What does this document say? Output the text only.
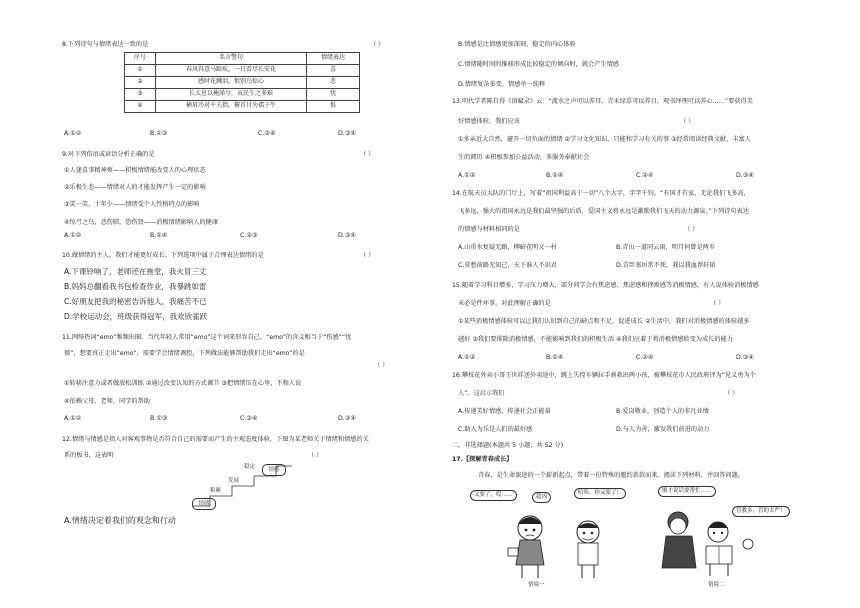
8.下列诗句与情绪表达一致的是	（ ）
序号	名言警句	情绪表达
①	春风得意马蹄疾，一日看尽长安花	喜
②	感时花溅泪，恨别鸟惊心	悲
③	长太息以掩涕兮，哀民生之多艰	忧
④	横眉冷对千夫指，俯首甘为孺子牛	惧
A.①②	B.①③	C.③④	D.③④
9.对下列俗语或谚语分析正确的是	（ ）
①人逢喜事精神爽——积极情绪能改变人的心理状态
②乐极生悲——情绪对人的才能发挥产生一定的影响
③笑一笑，十年少——情绪受个人性格特点的影响
④惊弓之鸟，悲伤肺，恐伤肾——消极情绪影响人的健康
A.①②	B.①④	C.②③	D.③④
10.做情绪的主人，我们才能更好成长。下列选项中属于合理表达情绪的是	（ ）
A.下课铃响了，老师还在拖堂，我火冒三丈
B.妈妈总翻看我书包检查作业，我暴跳如雷
C.好朋友把我的秘密告诉他人，我痛苦不已
D.学校运动会，班级获得冠军，我欢欣雀跃
11.网络热词“emo”频频出圈。当代年轻人常用“emo”这个词来形容自己，“emo”的含义相当于“伤感”“忧
郁”，想要真正走出“emo”，需要学会情绪调控，下列做法能够帮助我们走出“emo”的是
（ ）
①转移注意力或者做放松训练 ②通过改变认知的方式调节 ③把情绪压在心里，不和人说
④依赖父母、老师、同学的帮助
A.①②	B.①③	C.③④	D.③④
12.情绪与情感是指人对客观事物是否符合自己的需要而产生的主观态度体验，下图为某老师关于情绪和情感的关
系的板书，这表明	（ ）
情绪
积累
发展
稳定	情感
A.情绪决定着我们的观念和行动
B.情感是比情感更加深刻、稳定的内心体验
C.情绪随时间的推移形成比较稳定的倾向时，就会产生情感
D.情绪复杂多变，情感单一纯粹
13.明代学者陈自得《溶窳录》云：“流水之声可以养耳，青禾绿草可以养目，观书绎理可以养心……”要获得美
好情感体验，我们应该	（ ）
①多亲近大自然，避开一切负面的情绪 ②学习文化知识，只能和学习有关的事 ③经常阅读经典文献，丰富人
生的阅历 ④积极参加公益活动，多服务奉献社会
A.①②	B.①④	C.②④	D.③④
14.在航天员大队的门厅上，写着“祖国利益高于一切”八个大字，字字千钧。“有国才有家，无论我们飞多高，
飞多远，强大的祖国永远是我们最坚强的后盾，爱国主义将永远是激励我们飞天的动力源泉。”下列诗句表达
的情感与材料相同的是	（ ）
A.山重水复疑无路，柳暗花明又一村	B.青山一道同云雨，明月何曾是两乡
C.莫愁前路无知己，天下谁人不识君	D.青臣塞垣常不死，我以我血荐轩辕
15.随着学习科目增多，学习压力增大，部分同学会有焦虑感、焦虑感和挫败感等消极情感，有人说体验消极情感
未必是件坏事。对此理解正确的是	（ ）
①某些消极情感体验可以让我们认识到自己的缺点和不足，促进成长 ②生活中，我们对消极情感的体验越多
越好 ③我们要排除消极情感，不能影响到我们的积极生活 ④我们应着于将消极情感转变为成长的能力
A.①②	B.①④	C.②④	D.③④
16.攀枝花外卖小哥王世祥送外卖途中，跳上失控车辆拉手刹救出两小孩，被攀枝花市人民政府评为“见义勇为个
人”。这启示我们	（ ）
A.传递美好情感，传递社会正能量	B.爱岗敬业，创造个人的非凡业绩
C.助人为乐是人们的最好感	D.与人为善，激发我们前进的动力
二、非选择题(本题共 5 小题，共 52 分)
17.【探解青春成长】
青春，是生命旅途的一个崭新起点，带着一份特殊的邀约款款而来。阅读下列材料，并回答问题。
又要了，哎……	超凶
哈哈，你又要了！
情境一
刚才说话要帮忙……
管教多，管的太严！
情境二
